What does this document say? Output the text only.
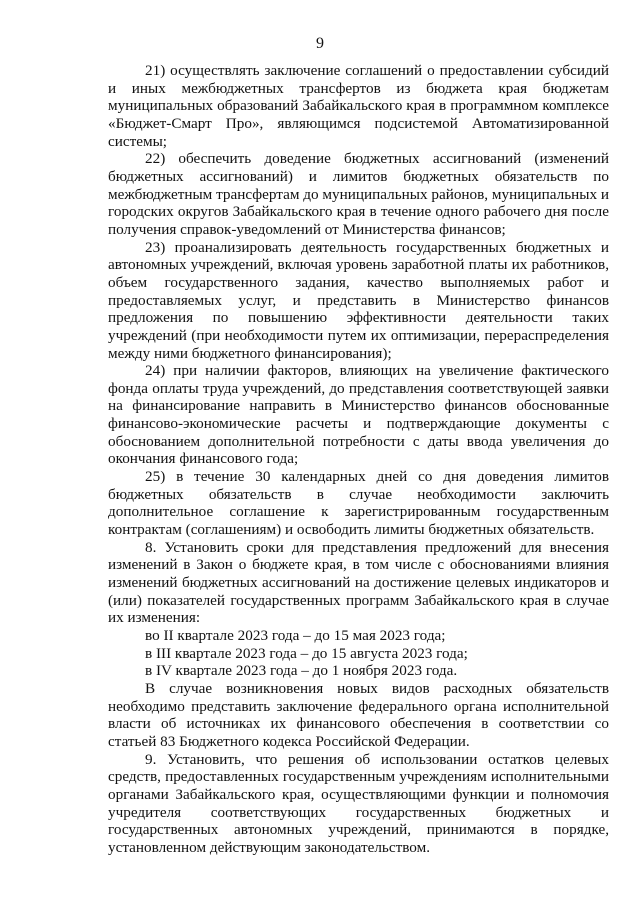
9

21) осуществлять заключение соглашений о предоставлении субсидий и иных межбюджетных трансфертов из бюджета края бюджетам муниципальных образований Забайкальского края в программном комплексе «Бюджет-Смарт Про», являющимся подсистемой Автоматизированной системы;

22) обеспечить доведение бюджетных ассигнований (изменений бюджетных ассигнований) и лимитов бюджетных обязательств по межбюджетным трансфертам до муниципальных районов, муниципальных и городских округов Забайкальского края в течение одного рабочего дня после получения справок-уведомлений от Министерства финансов;

23) проанализировать деятельность государственных бюджетных и автономных учреждений, включая уровень заработной платы их работников, объем государственного задания, качество выполняемых работ и предоставляемых услуг, и представить в Министерство финансов предложения по повышению эффективности деятельности таких учреждений (при необходимости путем их оптимизации, перераспределения между ними бюджетного финансирования);

24) при наличии факторов, влияющих на увеличение фактического фонда оплаты труда учреждений, до представления соответствующей заявки на финансирование направить в Министерство финансов обоснованные финансово-экономические расчеты и подтверждающие документы с обоснованием дополнительной потребности с даты ввода увеличения до окончания финансового года;

25) в течение 30 календарных дней со дня доведения лимитов бюджетных обязательств в случае необходимости заключить дополнительное соглашение к зарегистрированным государственным контрактам (соглашениям) и освободить лимиты бюджетных обязательств.

8. Установить сроки для представления предложений для внесения изменений в Закон о бюджете края, в том числе с обоснованиями влияния изменений бюджетных ассигнований на достижение целевых индикаторов и (или) показателей государственных программ Забайкальского края в случае их изменения:

во II квартале 2023 года – до 15 мая 2023 года;

в III квартале 2023 года – до 15 августа 2023 года;

в IV квартале 2023 года – до 1 ноября 2023 года.

В случае возникновения новых видов расходных обязательств необходимо представить заключение федерального органа исполнительной власти об источниках их финансового обеспечения в соответствии со статьей 83 Бюджетного кодекса Российской Федерации.

9. Установить, что решения об использовании остатков целевых средств, предоставленных государственным учреждениям исполнительными органами Забайкальского края, осуществляющими функции и полномочия учредителя соответствующих государственных бюджетных и государственных автономных учреждений, принимаются в порядке, установленном действующим законодательством.
